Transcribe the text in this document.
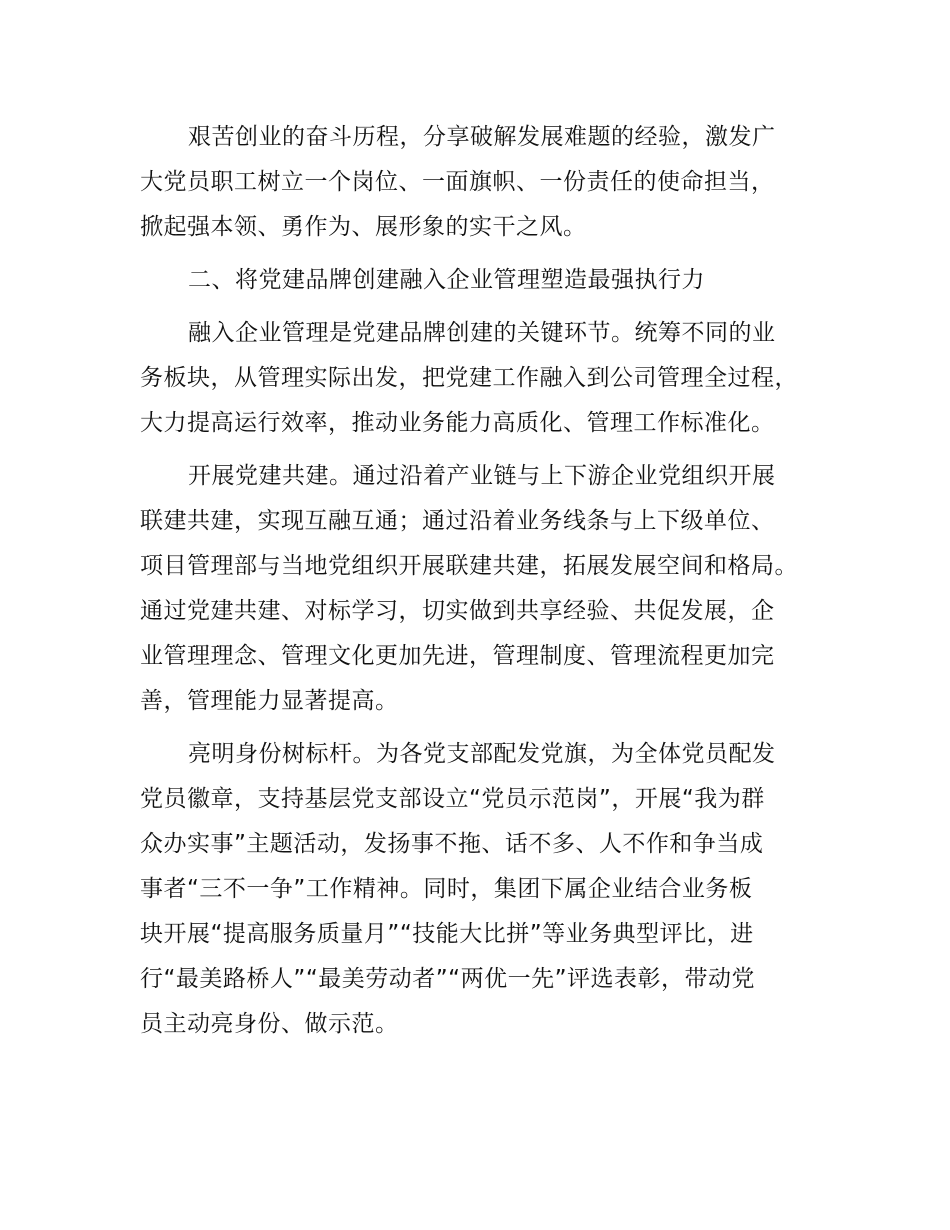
艰苦创业的奋斗历程，分享破解发展难题的经验，激发广
大党员职工树立一个岗位、一面旗帜、一份责任的使命担当，
掀起强本领、勇作为、展形象的实干之风。

二、将党建品牌创建融入企业管理塑造最强执行力

融入企业管理是党建品牌创建的关键环节。统筹不同的业
务板块，从管理实际出发，把党建工作融入到公司管理全过程，
大力提高运行效率，推动业务能力高质化、管理工作标准化。

开展党建共建。通过沿着产业链与上下游企业党组织开展
联建共建，实现互融互通；通过沿着业务线条与上下级单位、
项目管理部与当地党组织开展联建共建，拓展发展空间和格局。
通过党建共建、对标学习，切实做到共享经验、共促发展，企
业管理理念、管理文化更加先进，管理制度、管理流程更加完
善，管理能力显著提高。

亮明身份树标杆。为各党支部配发党旗，为全体党员配发
党员徽章，支持基层党支部设立“党员示范岗”，开展“我为群
众办实事”主题活动，发扬事不拖、话不多、人不作和争当成
事者“三不一争”工作精神。同时，集团下属企业结合业务板
块开展“提高服务质量月”“技能大比拼”等业务典型评比，进
行“最美路桥人”“最美劳动者”“两优一先”评选表彰，带动党
员主动亮身份、做示范。
